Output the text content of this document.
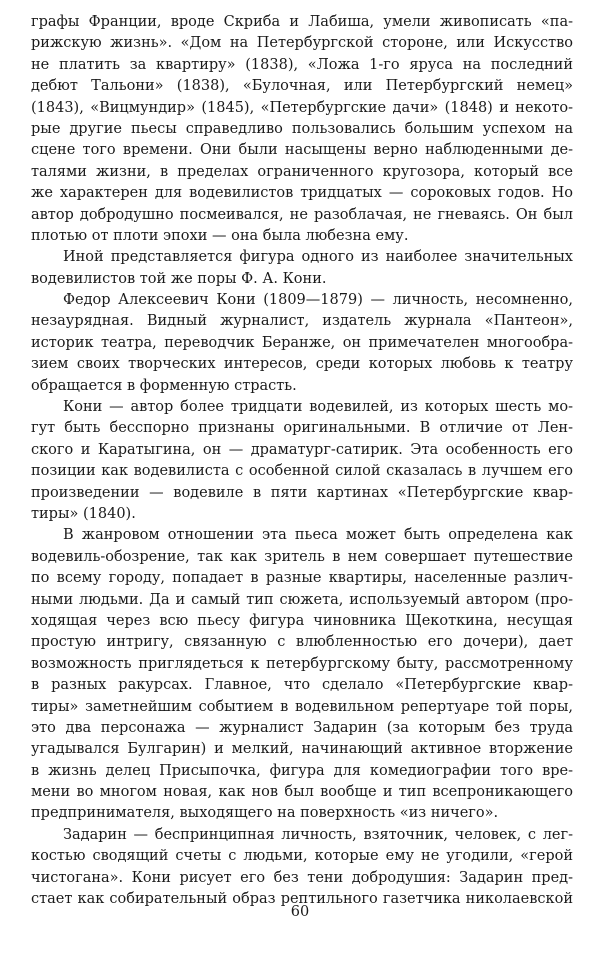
графы Франции, вроде Скриба и Лабиша, умели живописать «па-
рижскую жизнь». «Дом на Петербургской стороне, или Искусство
не платить за квартиру» (1838), «Ложа 1-го яруса на последний
дебют Тальони» (1838), «Булочная, или Петербургский немец»
(1843), «Вицмундир» (1845), «Петербургские дачи» (1848) и некото-
рые другие пьесы справедливо пользовались большим успехом на
сцене того времени. Они были насыщены верно наблюденными де-
талями жизни, в пределах ограниченного кругозора, который все
же характерен для водевилистов тридцатых — сороковых годов. Но
автор добродушно посмеивался, не разоблачая, не гневаясь. Он был
плотью от плоти эпохи — она была любезна ему.
Иной представляется фигура одного из наиболее значительных
водевилистов той же поры Ф. А. Кони.
Федор Алексеевич Кони (1809—1879) — личность, несомненно,
незаурядная. Видный журналист, издатель журнала «Пантеон»,
историк театра, переводчик Беранже, он примечателен многообра-
зием своих творческих интересов, среди которых любовь к театру
обращается в форменную страсть.
Кони — автор более тридцати водевилей, из которых шесть мо-
гут быть бесспорно признаны оригинальными. В отличие от Лен-
ского и Каратыгина, он — драматург-сатирик. Эта особенность его
позиции как водевилиста с особенной силой сказалась в лучшем его
произведении — водевиле в пяти картинах «Петербургские квар-
тиры» (1840).
В жанровом отношении эта пьеса может быть определена как
водевиль-обозрение, так как зритель в нем совершает путешествие
по всему городу, попадает в разные квартиры, населенные различ-
ными людьми. Да и самый тип сюжета, используемый автором (про-
ходящая через всю пьесу фигура чиновника Щекоткина, несущая
простую интригу, связанную с влюбленностью его дочери), дает
возможность приглядеться к петербургскому быту, рассмотренному
в разных ракурсах. Главное, что сделало «Петербургские квар-
тиры» заметнейшим событием в водевильном репертуаре той поры,
это два персонажа — журналист Задарин (за которым без труда
угадывался Булгарин) и мелкий, начинающий активное вторжение
в жизнь делец Присыпочка, фигура для комедиографии того вре-
мени во многом новая, как нов был вообще и тип всепроникающего
предпринимателя, выходящего на поверхность «из ничего».
Задарин — беспринципная личность, взяточник, человек, с лег-
костью сводящий счеты с людьми, которые ему не угодили, «герой
чистогана». Кони рисует его без тени добродушия: Задарин пред-
стает как собирательный образ рептильного газетчика николаевской
60
